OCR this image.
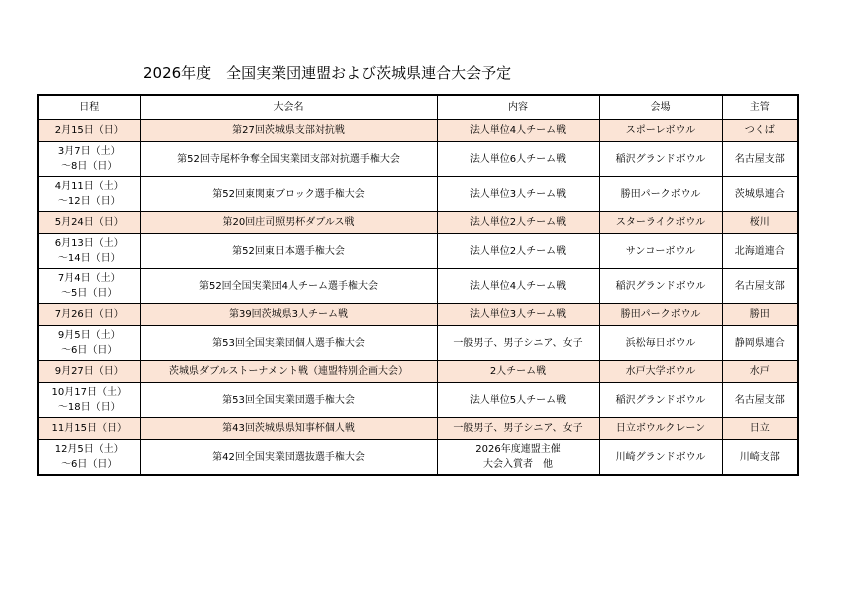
2026年度　全国実業団連盟および茨城県連合大会予定
日程	大会名	内容	会場	主管

2月15日（日）	第27回茨城県支部対抗戦	法人単位4人チーム戦	スポーレボウル	つくば

3月7日（土）
～8日（日）	第52回寺尾杯争奪全国実業団支部対抗選手権大会	法人単位6人チーム戦	稲沢グランドボウル	名古屋支部

4月11日（土）
～12日（日）	第52回東関東ブロック選手権大会	法人単位3人チーム戦	勝田パークボウル	茨城県連合

5月24日（日）	第20回庄司照男杯ダブルス戦	法人単位2人チーム戦	スターライクボウル	桜川

6月13日（土）
～14日（日）	第52回東日本選手権大会	法人単位2人チーム戦	サンコーボウル	北海道連合

7月4日（土）
～5日（日）	第52回全国実業団4人チーム選手権大会	法人単位4人チーム戦	稲沢グランドボウル	名古屋支部

7月26日（日）	第39回茨城県3人チーム戦	法人単位3人チーム戦	勝田パークボウル	勝田

9月5日（土）
～6日（日）	第53回全国実業団個人選手権大会	一般男子、男子シニア、女子	浜松毎日ボウル	静岡県連合

9月27日（日）	茨城県ダブルストーナメント戦（連盟特別企画大会）	2人チーム戦	水戸大学ボウル	水戸

10月17日（土）
～18日（日）	第53回全国実業団選手権大会	法人単位5人チーム戦	稲沢グランドボウル	名古屋支部

11月15日（日）	第43回茨城県県知事杯個人戦	一般男子、男子シニア、女子	日立ボウルクレーン	日立

12月5日（土）
～6日（日）	第42回全国実業団選抜選手権大会	2026年度連盟主催
大会入賞者　他	川崎グランドボウル	川崎支部
